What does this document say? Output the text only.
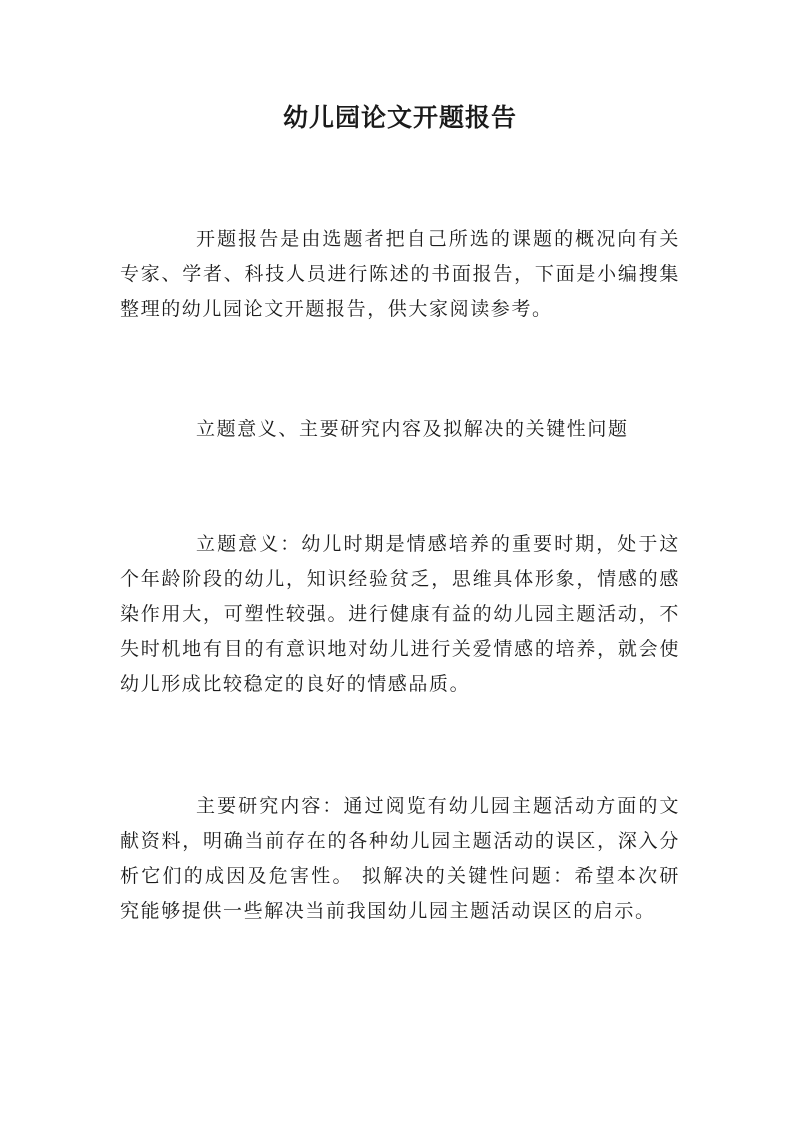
幼儿园论文开题报告

开题报告是由选题者把自己所选的课题的概况向有关专家、学者、科技人员进行陈述的书面报告，下面是小编搜集整理的幼儿园论文开题报告，供大家阅读参考。

立题意义、主要研究内容及拟解决的关键性问题

立题意义：幼儿时期是情感培养的重要时期，处于这个年龄阶段的幼儿，知识经验贫乏，思维具体形象，情感的感染作用大，可塑性较强。进行健康有益的幼儿园主题活动，不失时机地有目的有意识地对幼儿进行关爱情感的培养，就会使幼儿形成比较稳定的良好的情感品质。

主要研究内容：通过阅览有幼儿园主题活动方面的文献资料，明确当前存在的各种幼儿园主题活动的误区，深入分析它们的成因及危害性。 拟解决的关键性问题：希望本次研究能够提供一些解决当前我国幼儿园主题活动误区的启示。
